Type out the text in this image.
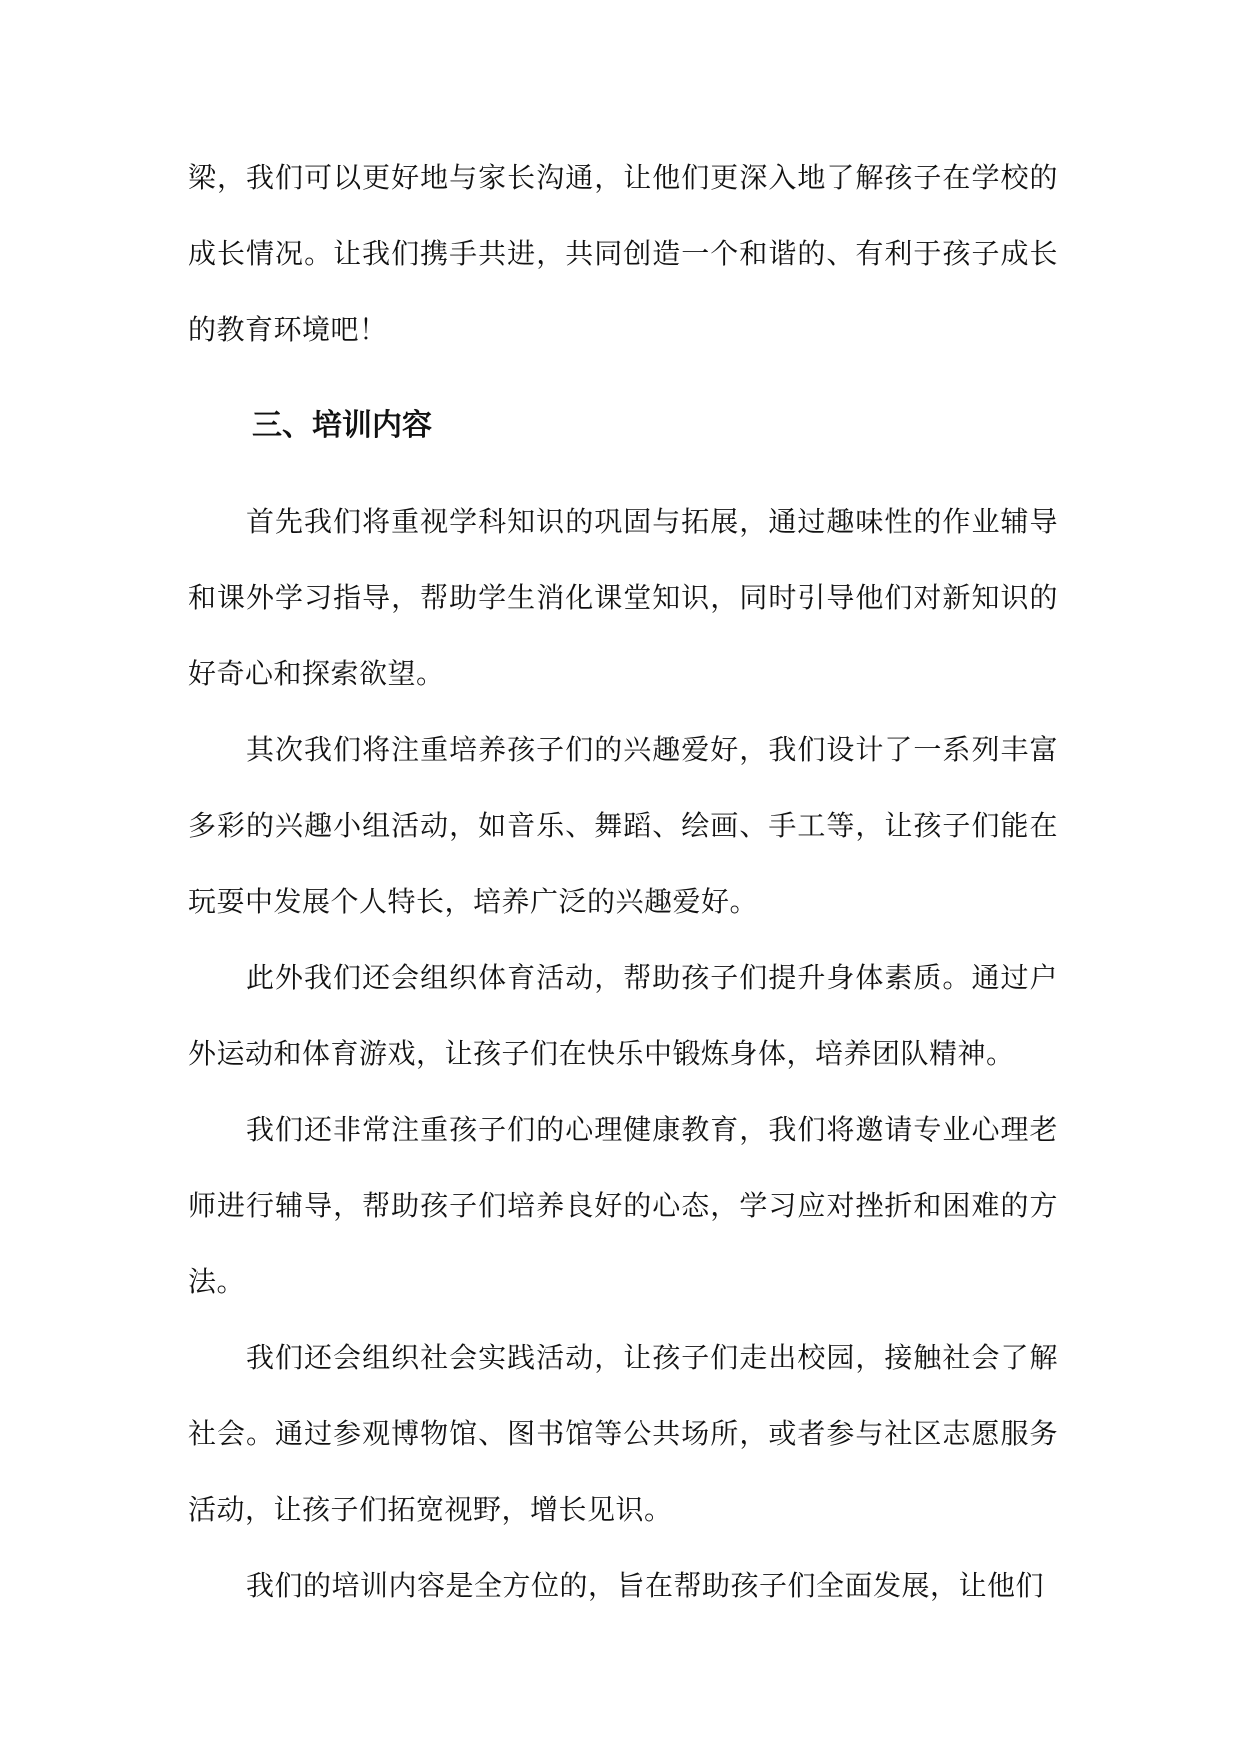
梁，我们可以更好地与家长沟通，让他们更深入地了解孩子在学校的成长情况。让我们携手共进，共同创造一个和谐的、有利于孩子成长的教育环境吧！

三、培训内容

首先我们将重视学科知识的巩固与拓展，通过趣味性的作业辅导和课外学习指导，帮助学生消化课堂知识，同时引导他们对新知识的好奇心和探索欲望。

其次我们将注重培养孩子们的兴趣爱好，我们设计了一系列丰富多彩的兴趣小组活动，如音乐、舞蹈、绘画、手工等，让孩子们能在玩耍中发展个人特长，培养广泛的兴趣爱好。

此外我们还会组织体育活动，帮助孩子们提升身体素质。通过户外运动和体育游戏，让孩子们在快乐中锻炼身体，培养团队精神。

我们还非常注重孩子们的心理健康教育，我们将邀请专业心理老师进行辅导，帮助孩子们培养良好的心态，学习应对挫折和困难的方法。

我们还会组织社会实践活动，让孩子们走出校园，接触社会了解社会。通过参观博物馆、图书馆等公共场所，或者参与社区志愿服务活动，让孩子们拓宽视野，增长见识。

我们的培训内容是全方位的，旨在帮助孩子们全面发展，让他们
